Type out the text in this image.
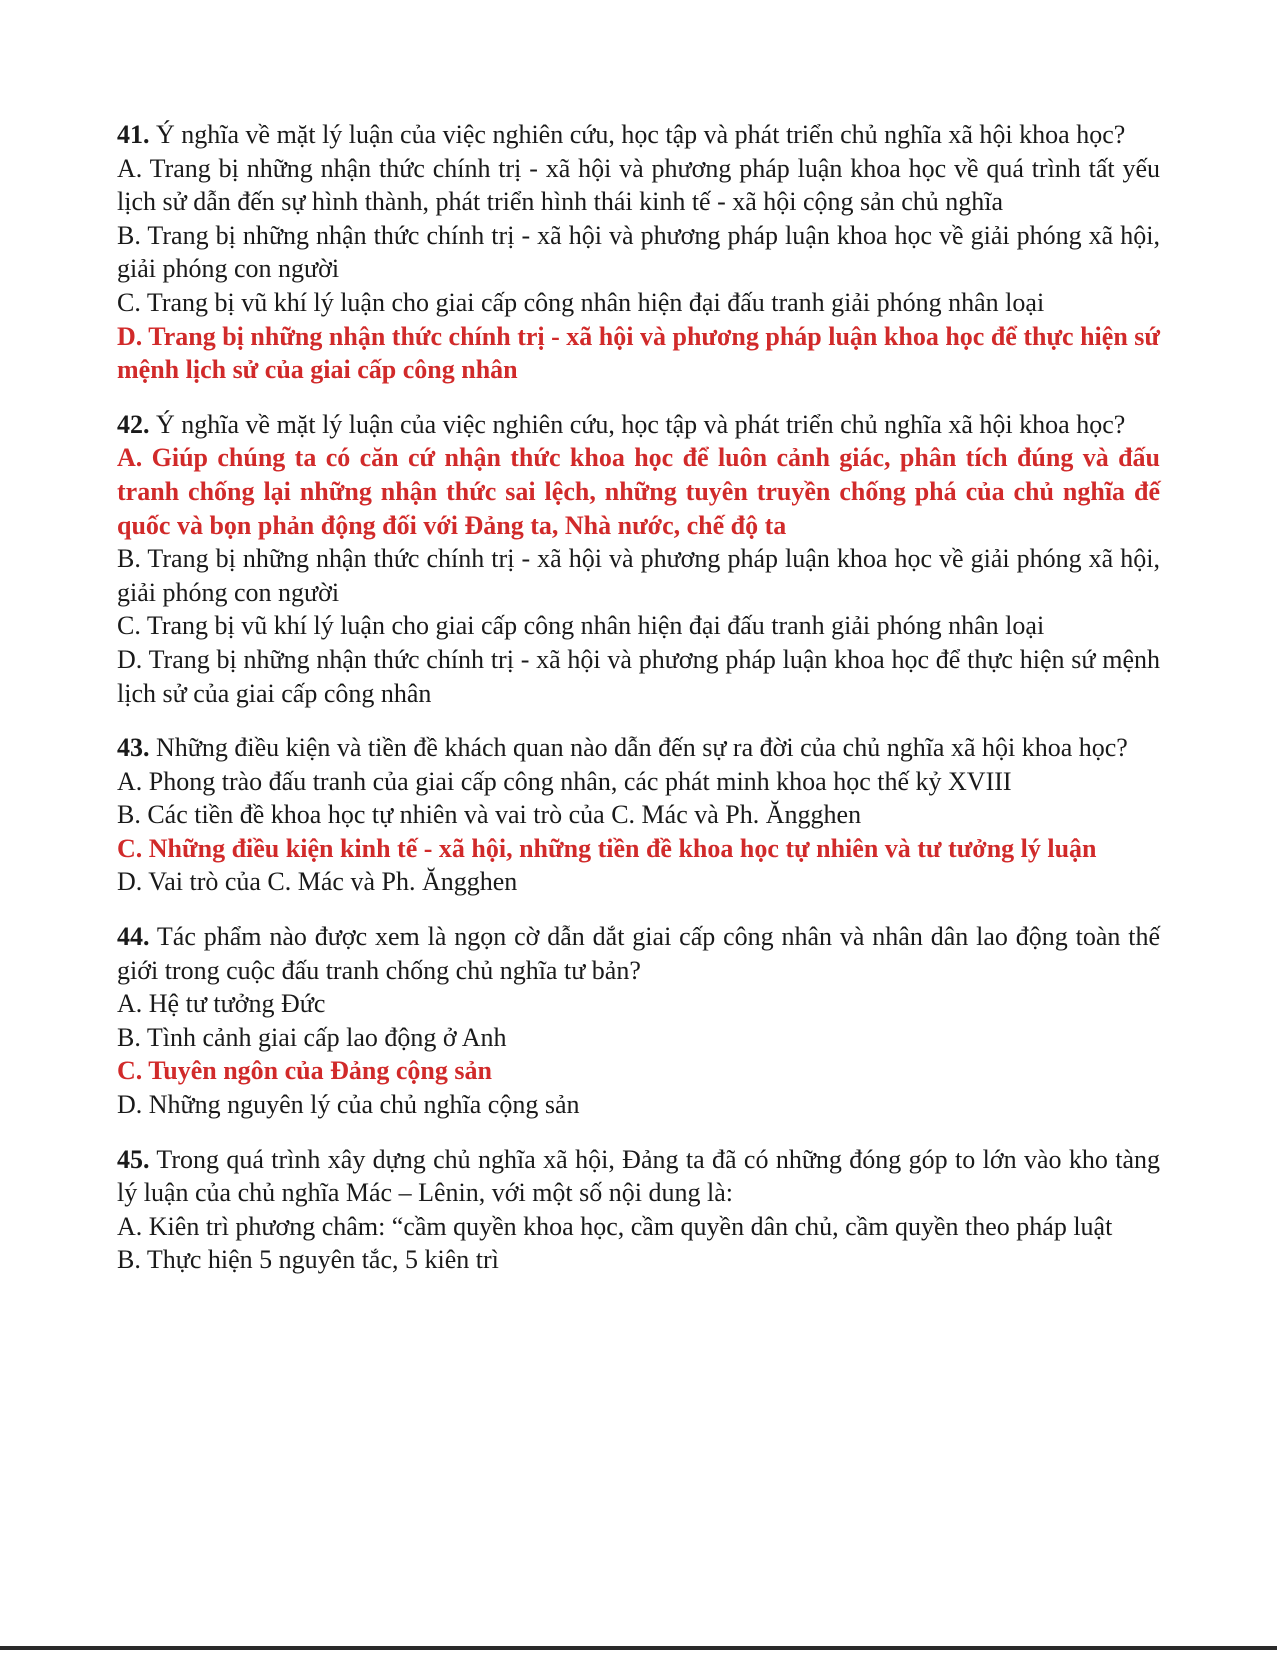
41. Ý nghĩa về mặt lý luận của việc nghiên cứu, học tập và phát triển chủ nghĩa xã hội khoa học?

A. Trang bị những nhận thức chính trị - xã hội và phương pháp luận khoa học về quá trình tất yếu lịch sử dẫn đến sự hình thành, phát triển hình thái kinh tế - xã hội cộng sản chủ nghĩa

B. Trang bị những nhận thức chính trị - xã hội và phương pháp luận khoa học về giải phóng xã hội, giải phóng con người

C. Trang bị vũ khí lý luận cho giai cấp công nhân hiện đại đấu tranh giải phóng nhân loại

D. Trang bị những nhận thức chính trị - xã hội và phương pháp luận khoa học để thực hiện sứ mệnh lịch sử của giai cấp công nhân

42. Ý nghĩa về mặt lý luận của việc nghiên cứu, học tập và phát triển chủ nghĩa xã hội khoa học?

A. Giúp chúng ta có căn cứ nhận thức khoa học để luôn cảnh giác, phân tích đúng và đấu tranh chống lại những nhận thức sai lệch, những tuyên truyền chống phá của chủ nghĩa đế quốc và bọn phản động đối với Đảng ta, Nhà nước, chế độ ta

B. Trang bị những nhận thức chính trị - xã hội và phương pháp luận khoa học về giải phóng xã hội, giải phóng con người

C. Trang bị vũ khí lý luận cho giai cấp công nhân hiện đại đấu tranh giải phóng nhân loại

D. Trang bị những nhận thức chính trị - xã hội và phương pháp luận khoa học để thực hiện sứ mệnh lịch sử của giai cấp công nhân

43. Những điều kiện và tiền đề khách quan nào dẫn đến sự ra đời của chủ nghĩa xã hội khoa học?

A. Phong trào đấu tranh của giai cấp công nhân, các phát minh khoa học thế kỷ XVIII

B. Các tiền đề khoa học tự nhiên và vai trò của C. Mác và Ph. Ăngghen

C. Những điều kiện kinh tế - xã hội, những tiền đề khoa học tự nhiên và tư tưởng lý luận

D. Vai trò của C. Mác và Ph. Ăngghen

44. Tác phẩm nào được xem là ngọn cờ dẫn dắt giai cấp công nhân và nhân dân lao động toàn thế giới trong cuộc đấu tranh chống chủ nghĩa tư bản?

A. Hệ tư tưởng Đức

B. Tình cảnh giai cấp lao động ở Anh

C. Tuyên ngôn của Đảng cộng sản

D. Những nguyên lý của chủ nghĩa cộng sản

45. Trong quá trình xây dựng chủ nghĩa xã hội, Đảng ta đã có những đóng góp to lớn vào kho tàng lý luận của chủ nghĩa Mác – Lênin, với một số nội dung là:

A. Kiên trì phương châm: “cầm quyền khoa học, cầm quyền dân chủ, cầm quyền theo pháp luật

B. Thực hiện 5 nguyên tắc, 5 kiên trì
